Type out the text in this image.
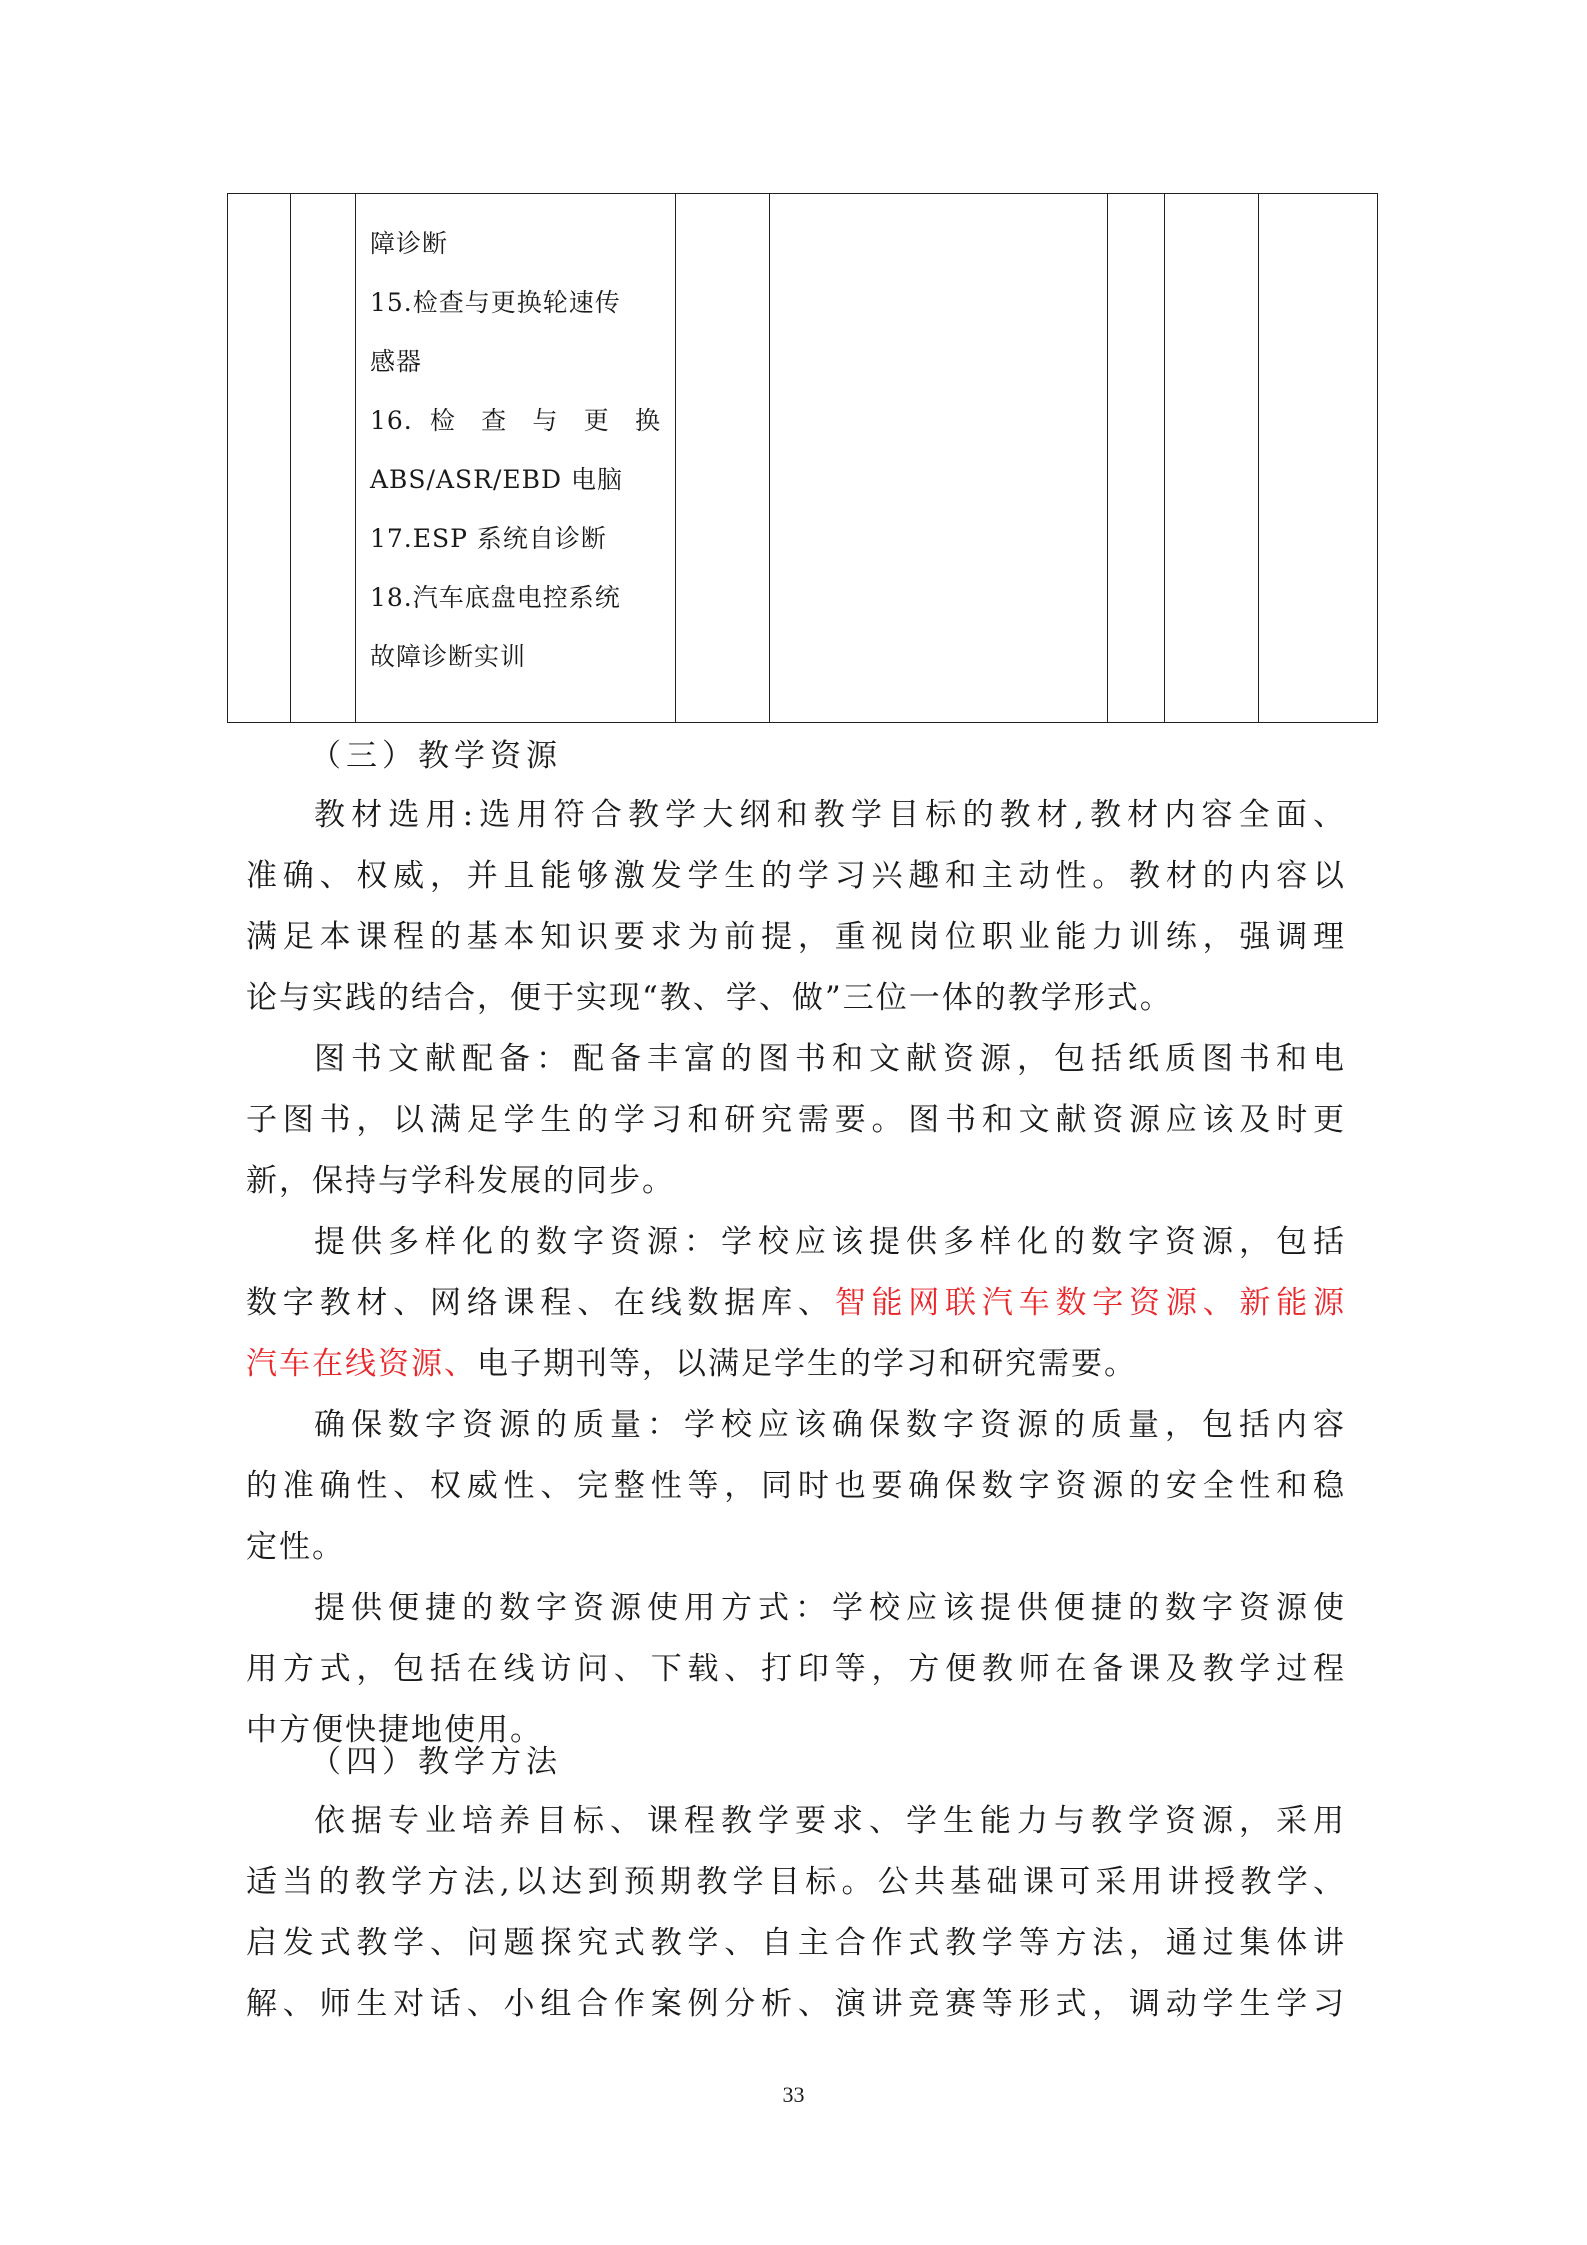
障诊断
15.检查与更换轮速传
感器
16. 检 查 与 更 换
ABS/ASR/EBD 电脑
17.ESP 系统自诊断
18.汽车底盘电控系统
故障诊断实训

（三）教学资源
教材选用:选用符合教学大纲和教学目标的教材,教材内容全面、
准确、权威，并且能够激发学生的学习兴趣和主动性。教材的内容以
满足本课程的基本知识要求为前提，重视岗位职业能力训练，强调理
论与实践的结合，便于实现“教、学、做”三位一体的教学形式。
图书文献配备：配备丰富的图书和文献资源，包括纸质图书和电
子图书，以满足学生的学习和研究需要。图书和文献资源应该及时更
新，保持与学科发展的同步。
提供多样化的数字资源：学校应该提供多样化的数字资源，包括
数字教材、网络课程、在线数据库、智能网联汽车数字资源、新能源
汽车在线资源、电子期刊等，以满足学生的学习和研究需要。
确保数字资源的质量：学校应该确保数字资源的质量，包括内容
的准确性、权威性、完整性等，同时也要确保数字资源的安全性和稳
定性。
提供便捷的数字资源使用方式：学校应该提供便捷的数字资源使
用方式，包括在线访问、下载、打印等，方便教师在备课及教学过程
中方便快捷地使用。
（四）教学方法
依据专业培养目标、课程教学要求、学生能力与教学资源，采用
适当的教学方法,以达到预期教学目标。公共基础课可采用讲授教学、
启发式教学、问题探究式教学、自主合作式教学等方法，通过集体讲
解、师生对话、小组合作案例分析、演讲竞赛等形式，调动学生学习
33
